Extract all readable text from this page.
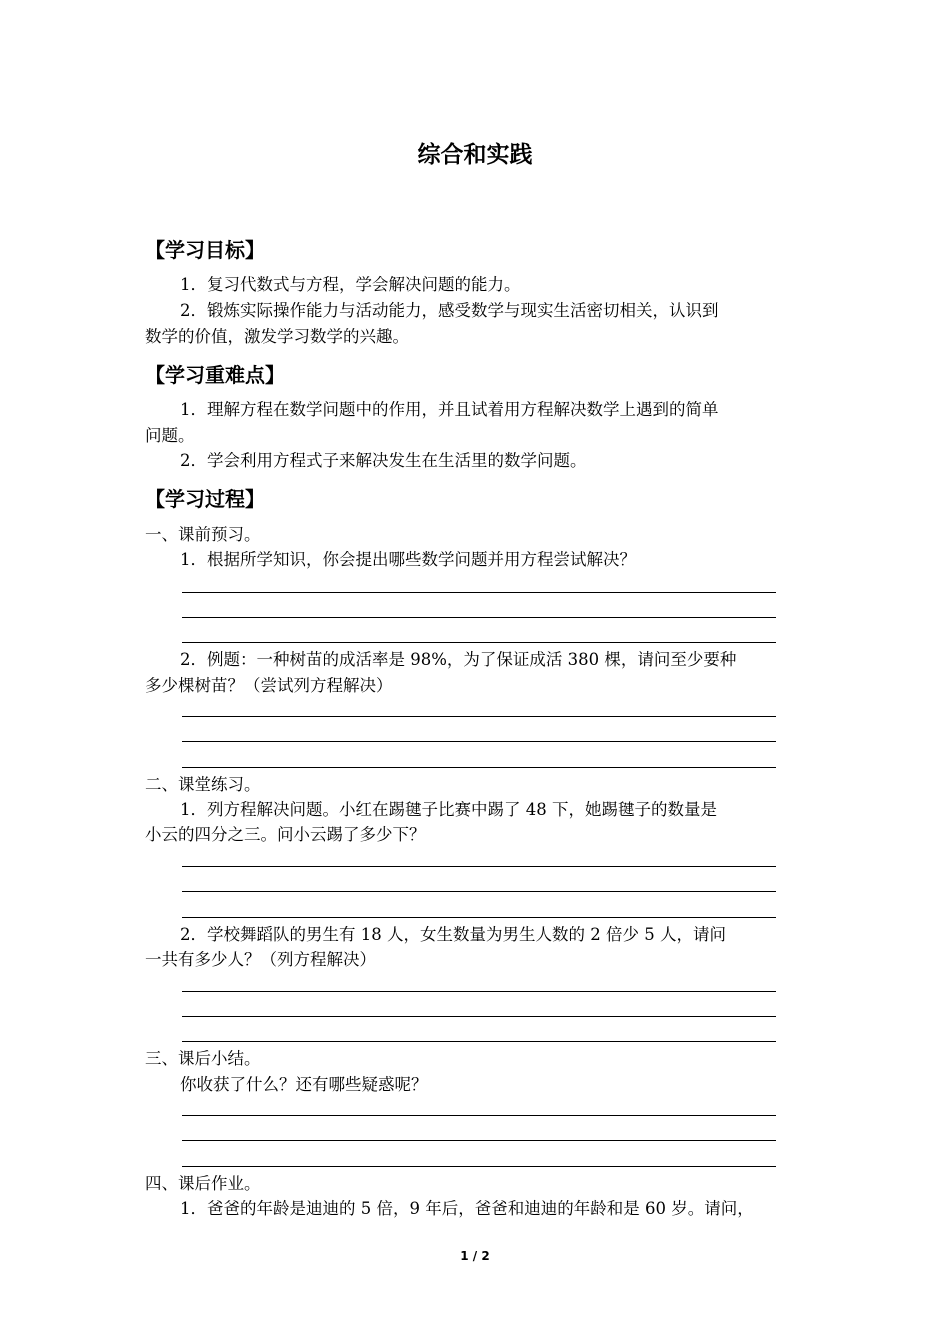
综合和实践
【学习目标】
1．复习代数式与方程，学会解决问题的能力。
2．锻炼实际操作能力与活动能力，感受数学与现实生活密切相关，认识到
数学的价值，激发学习数学的兴趣。
【学习重难点】
1．理解方程在数学问题中的作用，并且试着用方程解决数学上遇到的简单
问题。
2．学会利用方程式子来解决发生在生活里的数学问题。
【学习过程】
一、课前预习。
1．根据所学知识，你会提出哪些数学问题并用方程尝试解决？
2．例题：一种树苗的成活率是 98%，为了保证成活 380 棵，请问至少要种
多少棵树苗？（尝试列方程解决）
二、课堂练习。
1．列方程解决问题。小红在踢毽子比赛中踢了 48 下，她踢毽子的数量是
小云的四分之三。问小云踢了多少下？
2．学校舞蹈队的男生有 18 人，女生数量为男生人数的 2 倍少 5 人，请问
一共有多少人？（列方程解决）
三、课后小结。
你收获了什么？还有哪些疑惑呢？
四、课后作业。
1．爸爸的年龄是迪迪的 5 倍，9 年后，爸爸和迪迪的年龄和是 60 岁。请问，
1 / 2
